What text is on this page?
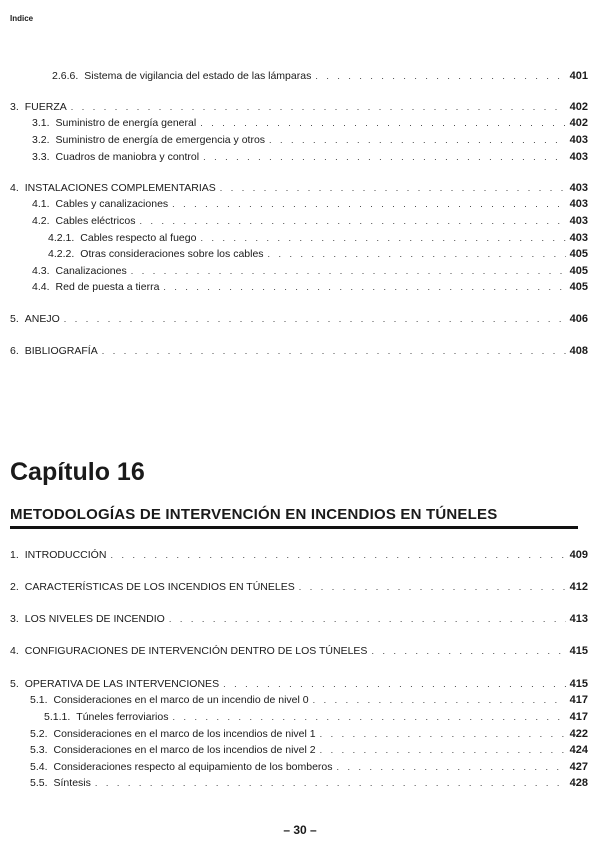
Indice
2.6.6. Sistema de vigilancia del estado de las lámparas . . .	401
3. FUERZA . . .	402
3.1. Suministro de energía general . . .	402
3.2. Suministro de energía de emergencia y otros . . .	403
3.3. Cuadros de maniobra y control . . .	403
4. INSTALACIONES COMPLEMENTARIAS . . .	403
4.1. Cables y canalizaciones . . .	403
4.2. Cables eléctricos . . .	403
4.2.1. Cables respecto al fuego . . .	403
4.2.2. Otras consideraciones sobre los cables . . .	405
4.3. Canalizaciones . . .	405
4.4. Red de puesta a tierra . . .	405
5. ANEJO . . .	406
6. BIBLIOGRAFÍA . . .	408
Capítulo 16
METODOLOGÍAS DE INTERVENCIÓN EN INCENDIOS EN TÚNELES
1. INTRODUCCIÓN . . .	409
2. CARACTERÍSTICAS DE LOS INCENDIOS EN TÚNELES . . .	412
3. LOS NIVELES DE INCENDIO . . .	413
4. CONFIGURACIONES DE INTERVENCIÓN DENTRO DE LOS TÚNELES . . .	415
5. OPERATIVA DE LAS INTERVENCIONES . . .	415
5.1. Consideraciones en el marco de un incendio de nivel 0 . . .	417
5.1.1. Túneles ferroviarios . . .	417
5.2. Consideraciones en el marco de los incendios de nivel 1 . . .	422
5.3. Consideraciones en el marco de los incendios de nivel 2 . . .	424
5.4. Consideraciones respecto al equipamiento de los bomberos . . .	427
5.5. Síntesis . . .	428
– 30 –
